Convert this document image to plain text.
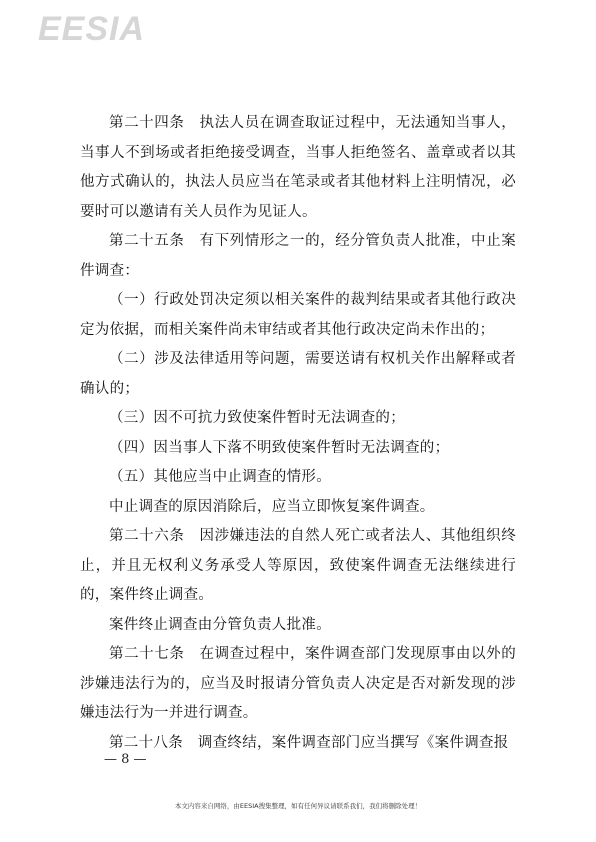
EESIA

第二十四条　执法人员在调查取证过程中，无法通知当事人，当事人不到场或者拒绝接受调查，当事人拒绝签名、盖章或者以其他方式确认的，执法人员应当在笔录或者其他材料上注明情况，必要时可以邀请有关人员作为见证人。

第二十五条　有下列情形之一的，经分管负责人批准，中止案件调查：

（一）行政处罚决定须以相关案件的裁判结果或者其他行政决定为依据，而相关案件尚未审结或者其他行政决定尚未作出的；

（二）涉及法律适用等问题，需要送请有权机关作出解释或者确认的；

（三）因不可抗力致使案件暂时无法调查的；

（四）因当事人下落不明致使案件暂时无法调查的；

（五）其他应当中止调查的情形。

中止调查的原因消除后，应当立即恢复案件调查。

第二十六条　因涉嫌违法的自然人死亡或者法人、其他组织终止，并且无权利义务承受人等原因，致使案件调查无法继续进行的，案件终止调查。

案件终止调查由分管负责人批准。

第二十七条　在调查过程中，案件调查部门发现原事由以外的涉嫌违法行为的，应当及时报请分管负责人决定是否对新发现的涉嫌违法行为一并进行调查。

第二十八条　调查终结，案件调查部门应当撰写《案件调查报

— 8 —
本文内容来自网络，由EESIA搜集整理，如有任何异议请联系我们，我们将删除处理！
